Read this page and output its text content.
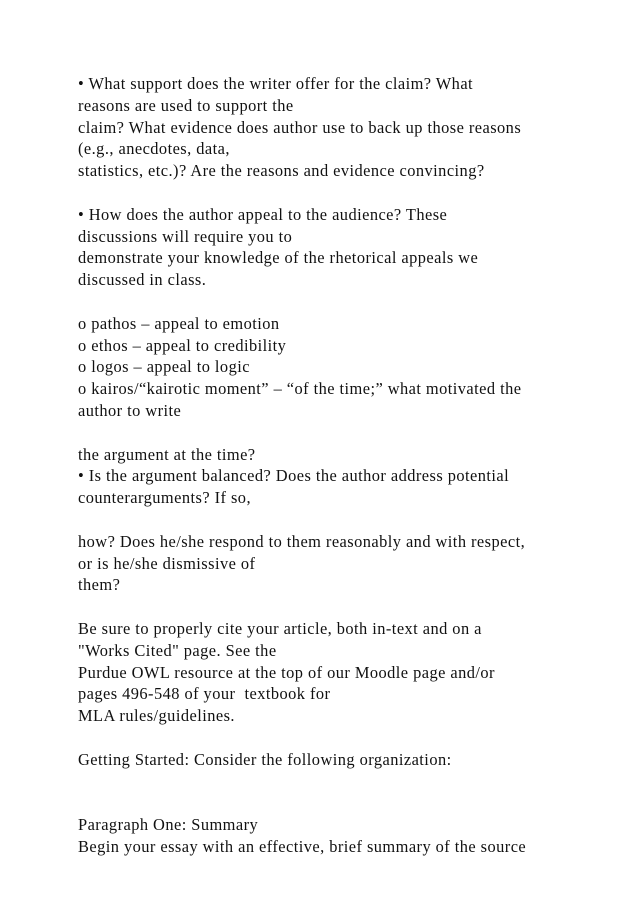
• What support does the writer offer for the claim? What
reasons are used to support the
claim? What evidence does author use to back up those reasons
(e.g., anecdotes, data,
statistics, etc.)? Are the reasons and evidence convincing?
• How does the author appeal to the audience? These
discussions will require you to
demonstrate your knowledge of the rhetorical appeals we
discussed in class.
o pathos – appeal to emotion
o ethos – appeal to credibility
o logos – appeal to logic
o kairos/“kairotic moment” – “of the time;” what motivated the
author to write
the argument at the time?
• Is the argument balanced? Does the author address potential
counterarguments? If so,
how? Does he/she respond to them reasonably and with respect,
or is he/she dismissive of
them?
Be sure to properly cite your article, both in-text and on a
"Works Cited" page. See the
Purdue OWL resource at the top of our Moodle page and/or
pages 496-548 of your  textbook for
MLA rules/guidelines.
Getting Started: Consider the following organization:
Paragraph One: Summary
Begin your essay with an effective, brief summary of the source
